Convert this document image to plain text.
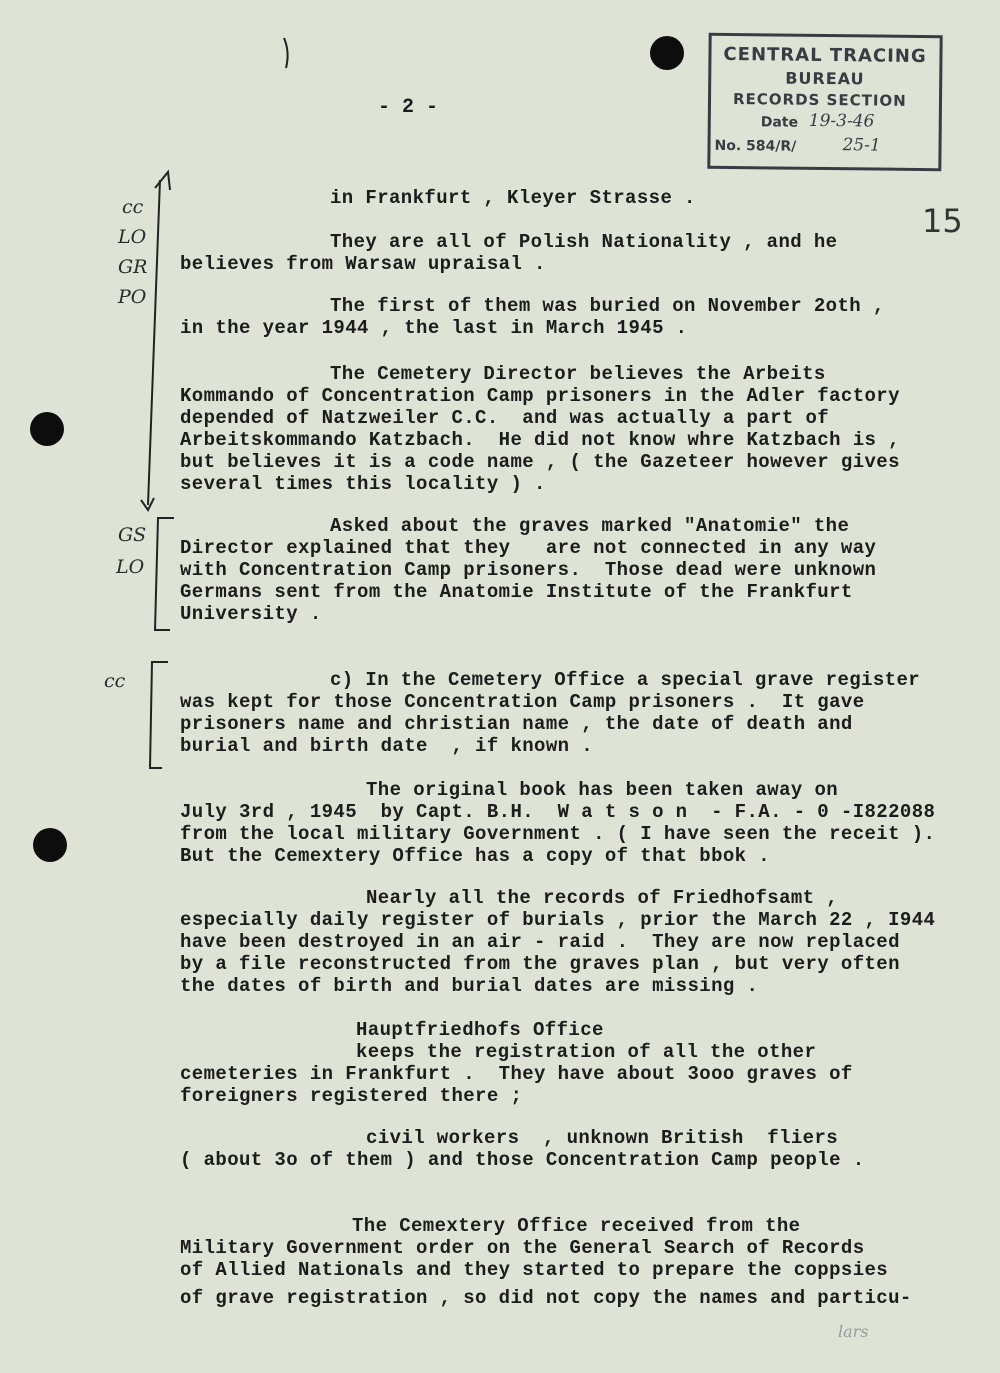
- 2 -
15
CENTRAL TRACING
BUREAU
RECORDS SECTION
Date 19-3-46
No. 584/R/	25-1
cc
LO
GR
PO
GS
LO
cc
in Frankfurt , Kleyer Strasse .
They are all of Polish Nationality , and he
believes from Warsaw upraisal .
The first of them was buried on November 2oth ,
in the year 1944 , the last in March 1945 .
The Cemetery Director believes the Arbeits
Kommando of Concentration Camp prisoners in the Adler factory
depended of Natzweiler C.C.  and was actually a part of
Arbeitskommando Katzbach.  He did not know whre Katzbach is ,
but believes it is a code name , ( the Gazeteer however gives
several times this locality ) .
Asked about the graves marked "Anatomie" the
Director explained that they   are not connected in any way
with Concentration Camp prisoners.  Those dead were unknown
Germans sent from the Anatomie Institute of the Frankfurt
University .
c) In the Cemetery Office a special grave register
was kept for those Concentration Camp prisoners .  It gave
prisoners name and christian name , the date of death and
burial and birth date  , if known .
The original book has been taken away on
July 3rd , 1945  by Capt. B.H.  W a t s o n  - F.A. - 0 -I822088
from the local military Government . ( I have seen the receit ).
But the Cemextery Office has a copy of that bbok .
Nearly all the records of Friedhofsamt ,
especially daily register of burials , prior the March 22 , I944
have been destroyed in an air - raid .  They are now replaced
by a file reconstructed from the graves plan , but very often
the dates of birth and burial dates are missing .
Hauptfriedhofs Office
keeps the registration of all the other
cemeteries in Frankfurt .  They have about 3ooo graves of
foreigners registered there ;
civil workers  , unknown British  fliers
( about 3o of them ) and those Concentration Camp people .
The Cemextery Office received from the
Military Government order on the General Search of Records
of Allied Nationals and they started to prepare the coppsies
of grave registration , so did not copy the names and particu-
lars
